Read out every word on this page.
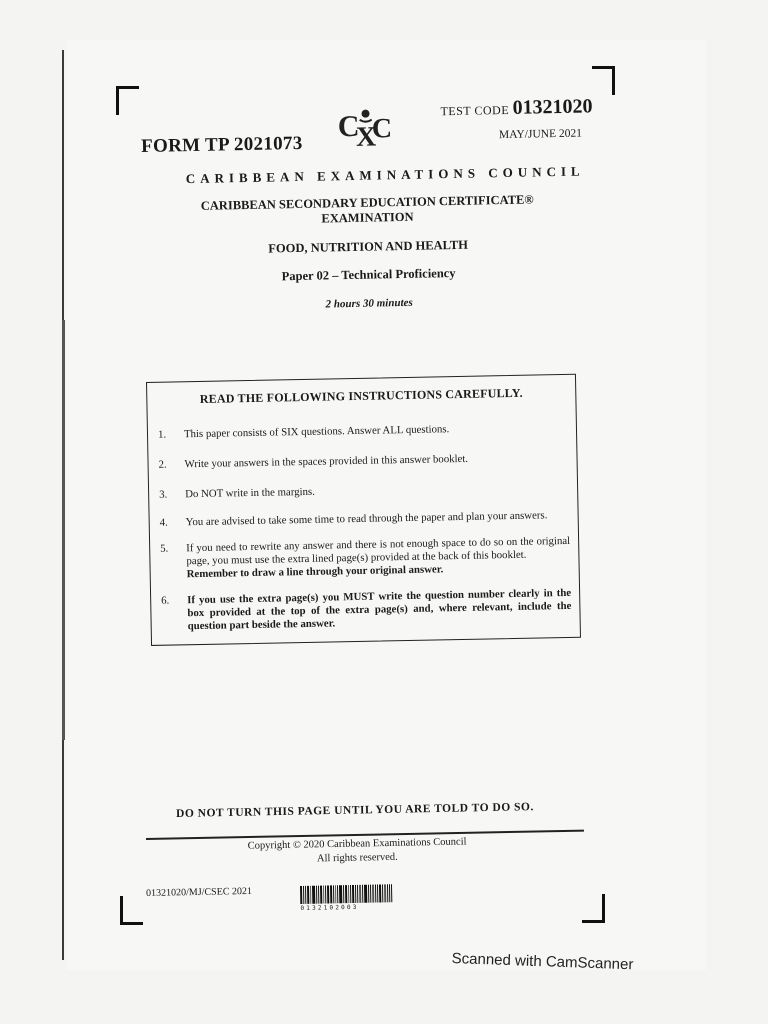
FORM TP 2021073
C
X
C
TEST CODE 01321020
MAY/JUNE 2021
CARIBBEAN EXAMINATIONS COUNCIL
CARIBBEAN SECONDARY EDUCATION CERTIFICATE®
EXAMINATION
FOOD, NUTRITION AND HEALTH
Paper 02 – Technical Proficiency
2 hours 30 minutes
READ THE FOLLOWING INSTRUCTIONS CAREFULLY.
1.	This paper consists of SIX questions. Answer ALL questions.
2.	Write your answers in the spaces provided in this answer booklet.
3.	Do NOT write in the margins.
4.	You are advised to take some time to read through the paper and plan your answers.
5.	If you need to rewrite any answer and there is not enough space to do so on the original page, you must use the extra lined page(s) provided at the back of this booklet.
Remember to draw a line through your original answer.
6.	If you use the extra page(s) you MUST write the question number clearly in the box provided at the top of the extra page(s) and, where relevant, include the question part beside the answer.
DO NOT TURN THIS PAGE UNTIL YOU ARE TOLD TO DO SO.
Copyright © 2020 Caribbean Examinations Council
All rights reserved.
01321020/MJ/CSEC 2021
0132102003
Scanned with CamScanner
